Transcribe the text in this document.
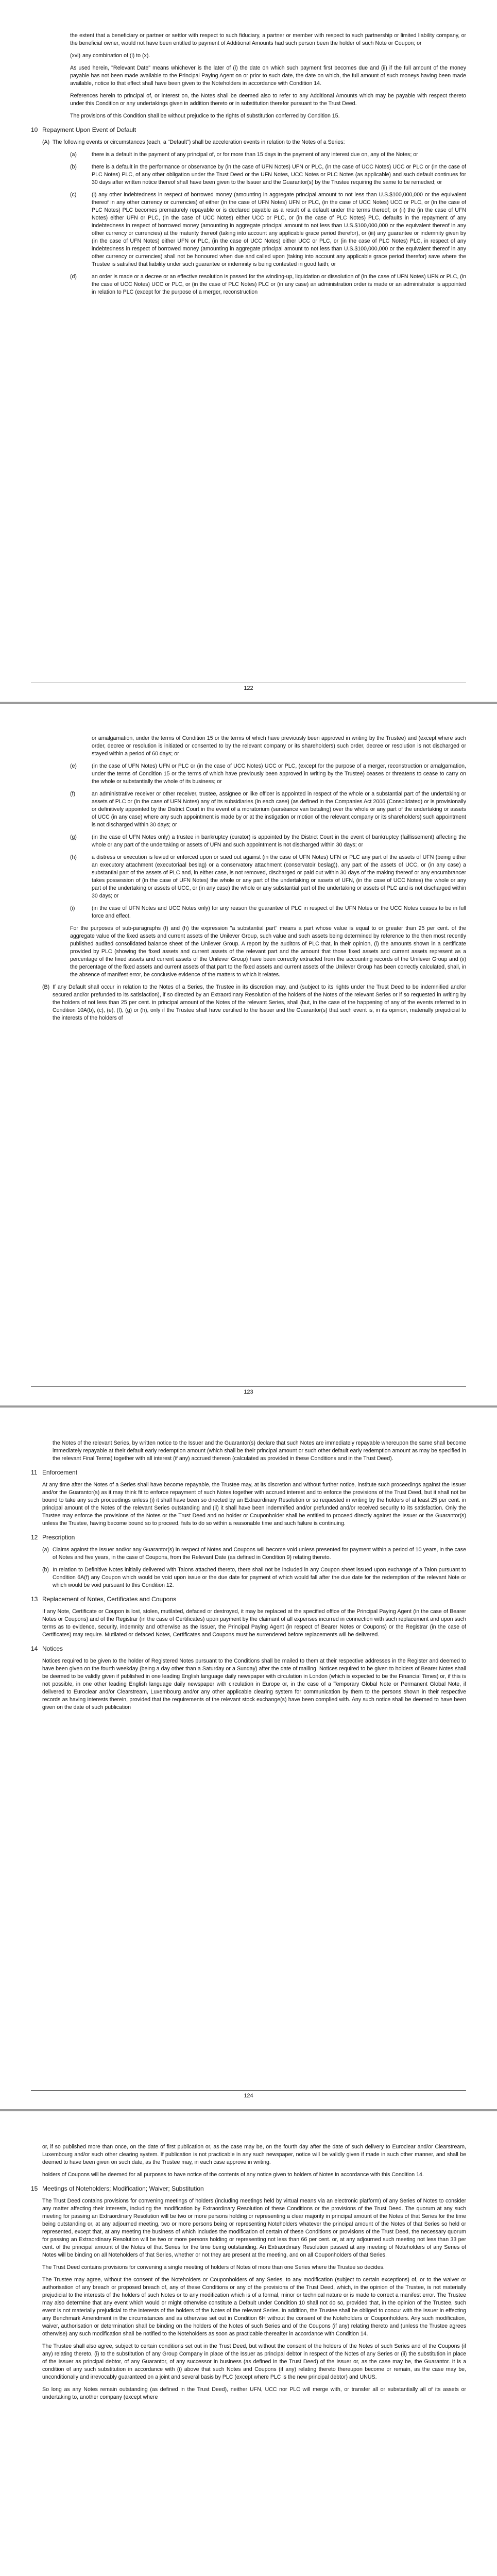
the extent that a beneficiary or partner or settlor with respect to such fiduciary, a partner or member with respect to such partnership or limited liability company, or the beneficial owner, would not have been entitled to payment of Additional Amounts had such person been the holder of such Note or Coupon; or

(xvi) any combination of (i) to (x).

As used herein, "Relevant Date" means whichever is the later of (i) the date on which such payment first becomes due and (ii) if the full amount of the money payable has not been made available to the Principal Paying Agent on or prior to such date, the date on which, the full amount of such moneys having been made available, notice to that effect shall have been given to the Noteholders in accordance with Condition 14.

References herein to principal of, or interest on, the Notes shall be deemed also to refer to any Additional Amounts which may be payable with respect thereto under this Condition or any undertakings given in addition thereto or in substitution therefor pursuant to the Trust Deed.

The provisions of this Condition shall be without prejudice to the rights of substitution conferred by Condition 15.

10 Repayment Upon Event of Default
(A) The following events or circumstances (each, a "Default") shall be acceleration events in relation to the Notes of a Series:
(a)	there is a default in the payment of any principal of, or for more than 15 days in the payment of any interest due on, any of the Notes; or
(b)	there is a default in the performance or observance by (in the case of UFN Notes) UFN or PLC, (in the case of UCC Notes) UCC or PLC or (in the case of PLC Notes) PLC, of any other obligation under the Trust Deed or the UFN Notes, UCC Notes or PLC Notes (as applicable) and such default continues for 30 days after written notice thereof shall have been given to the Issuer and the Guarantor(s) by the Trustee requiring the same to be remedied; or
(c)	(i) any other indebtedness in respect of borrowed money (amounting in aggregate principal amount to not less than U.S.$100,000,000 or the equivalent thereof in any other currency or currencies) of either (in the case of UFN Notes) UFN or PLC, (in the case of UCC Notes) UCC or PLC, or (in the case of PLC Notes) PLC becomes prematurely repayable or is declared payable as a result of a default under the terms thereof; or (ii) the (in the case of UFN Notes) either UFN or PLC, (in the case of UCC Notes) either UCC or PLC, or (in the case of PLC Notes) PLC, defaults in the repayment of any indebtedness in respect of borrowed money (amounting in aggregate principal amount to not less than U.S.$100,000,000 or the equivalent thereof in any other currency or currencies) at the maturity thereof (taking into account any applicable grace period therefor), or (iii) any guarantee or indemnity given by (in the case of UFN Notes) either UFN or PLC, (in the case of UCC Notes) either UCC or PLC, or (in the case of PLC Notes) PLC, in respect of any indebtedness in respect of borrowed money (amounting in aggregate principal amount to not less than U.S.$100,000,000 or the equivalent thereof in any other currency or currencies) shall not be honoured when due and called upon (taking into account any applicable grace period therefor) save where the Trustee is satisfied that liability under such guarantee or indemnity is being contested in good faith; or
(d)	an order is made or a decree or an effective resolution is passed for the winding-up, liquidation or dissolution of (in the case of UFN Notes) UFN or PLC, (in the case of UCC Notes) UCC or PLC, or (in the case of PLC Notes) PLC or (in any case) an administration order is made or an administrator is appointed in relation to PLC (except for the purpose of a merger, reconstruction
122

or amalgamation, under the terms of Condition 15 or the terms of which have previously been approved in writing by the Trustee) and (except where such order, decree or resolution is initiated or consented to by the relevant company or its shareholders) such order, decree or resolution is not discharged or stayed within a period of 60 days; or

(e)	(in the case of UFN Notes) UFN or PLC or (in the case of UCC Notes) UCC or PLC, (except for the purpose of a merger, reconstruction or amalgamation, under the terms of Condition 15 or the terms of which have previously been approved in writing by the Trustee) ceases or threatens to cease to carry on the whole or substantially the whole of its business; or
(f)	an administrative receiver or other receiver, trustee, assignee or like officer is appointed in respect of the whole or a substantial part of the undertaking or assets of PLC or (in the case of UFN Notes) any of its subsidiaries (in each case) (as defined in the Companies Act 2006 (Consolidated) or is provisionally or definitively appointed by the District Court in the event of a moratorium (surséance van betaling) over the whole or any part of the undertaking or assets of UCC (in any case) where any such appointment is made by or at the instigation or motion of the relevant company or its shareholders) such appointment is not discharged within 30 days; or
(g)	(in the case of UFN Notes only) a trustee in bankruptcy (curator) is appointed by the District Court in the event of bankruptcy (faillissement) affecting the whole or any part of the undertaking or assets of UFN and such appointment is not discharged within 30 days; or
(h)	a distress or execution is levied or enforced upon or sued out against (in the case of UFN Notes) UFN or PLC any part of the assets of UFN (being either an executory attachment (executoriaal beslag) or a conservatory attachment (conservatoir beslag)), any part of the assets of UCC, or (in any case) a substantial part of the assets of PLC and, in either case, is not removed, discharged or paid out within 30 days of the making thereof or any encumbrancer takes possession of (in the case of UFN Notes) the whole or any part of the undertaking or assets of UFN, (in the case of UCC Notes) the whole or any part of the undertaking or assets of UCC, or (in any case) the whole or any substantial part of the undertaking or assets of PLC and is not discharged within 30 days; or
(i)	(in the case of UFN Notes and UCC Notes only) for any reason the guarantee of PLC in respect of the UFN Notes or the UCC Notes ceases to be in full force and effect.

For the purposes of sub-paragraphs (f) and (h) the expression "a substantial part" means a part whose value is equal to or greater than 25 per cent. of the aggregate value of the fixed assets and current assets of the Unilever Group, such value and such assets being determined by reference to the then most recently published audited consolidated balance sheet of the Unilever Group. A report by the auditors of PLC that, in their opinion, (i) the amounts shown in a certificate provided by PLC (showing the fixed assets and current assets of the relevant part and the amount that those fixed assets and current assets represent as a percentage of the fixed assets and current assets of the Unilever Group) have been correctly extracted from the accounting records of the Unilever Group and (ii) the percentage of the fixed assets and current assets of that part to the fixed assets and current assets of the Unilever Group has been correctly calculated, shall, in the absence of manifest error, be conclusive evidence of the matters to which it relates.

(B) If any Default shall occur in relation to the Notes of a Series, the Trustee in its discretion may, and (subject to its rights under the Trust Deed to be indemnified and/or secured and/or prefunded to its satisfaction), if so directed by an Extraordinary Resolution of the holders of the Notes of the relevant Series or if so requested in writing by the holders of not less than 25 per cent. in principal amount of the Notes of the relevant Series, shall (but, in the case of the happening of any of the events referred to in Condition 10A(b), (c), (e), (f), (g) or (h), only if the Trustee shall have certified to the Issuer and the Guarantor(s) that such event is, in its opinion, materially prejudicial to the interests of the holders of
123

the Notes of the relevant Series, by written notice to the Issuer and the Guarantor(s) declare that such Notes are immediately repayable whereupon the same shall become immediately repayable at their default early redemption amount (which shall be their principal amount or such other default early redemption amount as may be specified in the relevant Final Terms) together with all interest (if any) accrued thereon (calculated as provided in these Conditions and in the Trust Deed).

11 Enforcement

At any time after the Notes of a Series shall have become repayable, the Trustee may, at its discretion and without further notice, institute such proceedings against the Issuer and/or the Guarantor(s) as it may think fit to enforce repayment of such Notes together with accrued interest and to enforce the provisions of the Trust Deed, but it shall not be bound to take any such proceedings unless (i) it shall have been so directed by an Extraordinary Resolution or so requested in writing by the holders of at least 25 per cent. in principal amount of the Notes of the relevant Series outstanding and (ii) it shall have been indemnified and/or prefunded and/or received security to its satisfaction. Only the Trustee may enforce the provisions of the Notes or the Trust Deed and no holder or Couponholder shall be entitled to proceed directly against the Issuer or the Guarantor(s) unless the Trustee, having become bound so to proceed, fails to do so within a reasonable time and such failure is continuing.

12 Prescription
(a) Claims against the Issuer and/or any Guarantor(s) in respect of Notes and Coupons will become void unless presented for payment within a period of 10 years, in the case of Notes and five years, in the case of Coupons, from the Relevant Date (as defined in Condition 9) relating thereto.
(b) In relation to Definitive Notes initially delivered with Talons attached thereto, there shall not be included in any Coupon sheet issued upon exchange of a Talon pursuant to Condition 6A(f) any Coupon which would be void upon issue or the due date for payment of which would fall after the due date for the redemption of the relevant Note or which would be void pursuant to this Condition 12.
13 Replacement of Notes, Certificates and Coupons

If any Note, Certificate or Coupon is lost, stolen, mutilated, defaced or destroyed, it may be replaced at the specified office of the Principal Paying Agent (in the case of Bearer Notes or Coupons) and of the Registrar (in the case of Certificates) upon payment by the claimant of all expenses incurred in connection with such replacement and upon such terms as to evidence, security, indemnity and otherwise as the Issuer, the Principal Paying Agent (in respect of Bearer Notes or Coupons) or the Registrar (in the case of Certificates) may require. Mutilated or defaced Notes, Certificates and Coupons must be surrendered before replacements will be delivered.

14 Notices

Notices required to be given to the holder of Registered Notes pursuant to the Conditions shall be mailed to them at their respective addresses in the Register and deemed to have been given on the fourth weekday (being a day other than a Saturday or a Sunday) after the date of mailing. Notices required to be given to holders of Bearer Notes shall be deemed to be validly given if published in one leading English language daily newspaper with circulation in London (which is expected to be the Financial Times) or, if this is not possible, in one other leading English language daily newspaper with circulation in Europe or, in the case of a Temporary Global Note or Permanent Global Note, if delivered to Euroclear and/or Clearstream, Luxembourg and/or any other applicable clearing system for communication by them to the persons shown in their respective records as having interests therein, provided that the requirements of the relevant stock exchange(s) have been complied with. Any such notice shall be deemed to have been given on the date of such publication

124

or, if so published more than once, on the date of first publication or, as the case may be, on the fourth day after the date of such delivery to Euroclear and/or Clearstream, Luxembourg and/or such other clearing system. If publication is not practicable in any such newspaper, notice will be validly given if made in such other manner, and shall be deemed to have been given on such date, as the Trustee may, in each case approve in writing.

holders of Coupons will be deemed for all purposes to have notice of the contents of any notice given to holders of Notes in accordance with this Condition 14.

15 Meetings of Noteholders; Modification; Waiver; Substitution

The Trust Deed contains provisions for convening meetings of holders (including meetings held by virtual means via an electronic platform) of any Series of Notes to consider any matter affecting their interests, including the modification by Extraordinary Resolution of these Conditions or the provisions of the Trust Deed. The quorum at any such meeting for passing an Extraordinary Resolution will be two or more persons holding or representing a clear majority in principal amount of the Notes of that Series for the time being outstanding or, at any adjourned meeting, two or more persons being or representing Noteholders whatever the principal amount of the Notes of that Series so held or represented, except that, at any meeting the business of which includes the modification of certain of these Conditions or provisions of the Trust Deed, the necessary quorum for passing an Extraordinary Resolution will be two or more persons holding or representing not less than 66 per cent. or, at any adjourned such meeting not less than 33 per cent. of the principal amount of the Notes of that Series for the time being outstanding. An Extraordinary Resolution passed at any meeting of Noteholders of any Series of Notes will be binding on all Noteholders of that Series, whether or not they are present at the meeting, and on all Couponholders of that Series.

The Trust Deed contains provisions for convening a single meeting of holders of Notes of more than one Series where the Trustee so decides.

The Trustee may agree, without the consent of the Noteholders or Couponholders of any Series, to any modification (subject to certain exceptions) of, or to the waiver or authorisation of any breach or proposed breach of, any of these Conditions or any of the provisions of the Trust Deed, which, in the opinion of the Trustee, is not materially prejudicial to the interests of the holders of such Notes or to any modification which is of a formal, minor or technical nature or is made to correct a manifest error. The Trustee may also determine that any event which would or might otherwise constitute a Default under Condition 10 shall not do so, provided that, in the opinion of the Trustee, such event is not materially prejudicial to the interests of the holders of the Notes of the relevant Series. In addition, the Trustee shall be obliged to concur with the Issuer in effecting any Benchmark Amendment in the circumstances and as otherwise set out in Condition 6H without the consent of the Noteholders or Couponholders. Any such modification, waiver, authorisation or determination shall be binding on the holders of the Notes of such Series and of the Coupons (if any) relating thereto and (unless the Trustee agrees otherwise) any such modification shall be notified to the Noteholders as soon as practicable thereafter in accordance with Condition 14.

The Trustee shall also agree, subject to certain conditions set out in the Trust Deed, but without the consent of the holders of the Notes of such Series and of the Coupons (if any) relating thereto, (i) to the substitution of any Group Company in place of the Issuer as principal debtor in respect of the Notes of any Series or (ii) the substitution in place of the Issuer as principal debtor, of any Guarantor, of any successor in business (as defined in the Trust Deed) of the Issuer or, as the case may be, the Guarantor. It is a condition of any such substitution in accordance with (i) above that such Notes and Coupons (if any) relating thereto thereupon become or remain, as the case may be, unconditionally and irrevocably guaranteed on a joint and several basis by PLC (except where PLC is the new principal debtor) and UNUS.

So long as any Notes remain outstanding (as defined in the Trust Deed), neither UFN, UCC nor PLC will merge with, or transfer all or substantially all of its assets or undertaking to, another company (except where
